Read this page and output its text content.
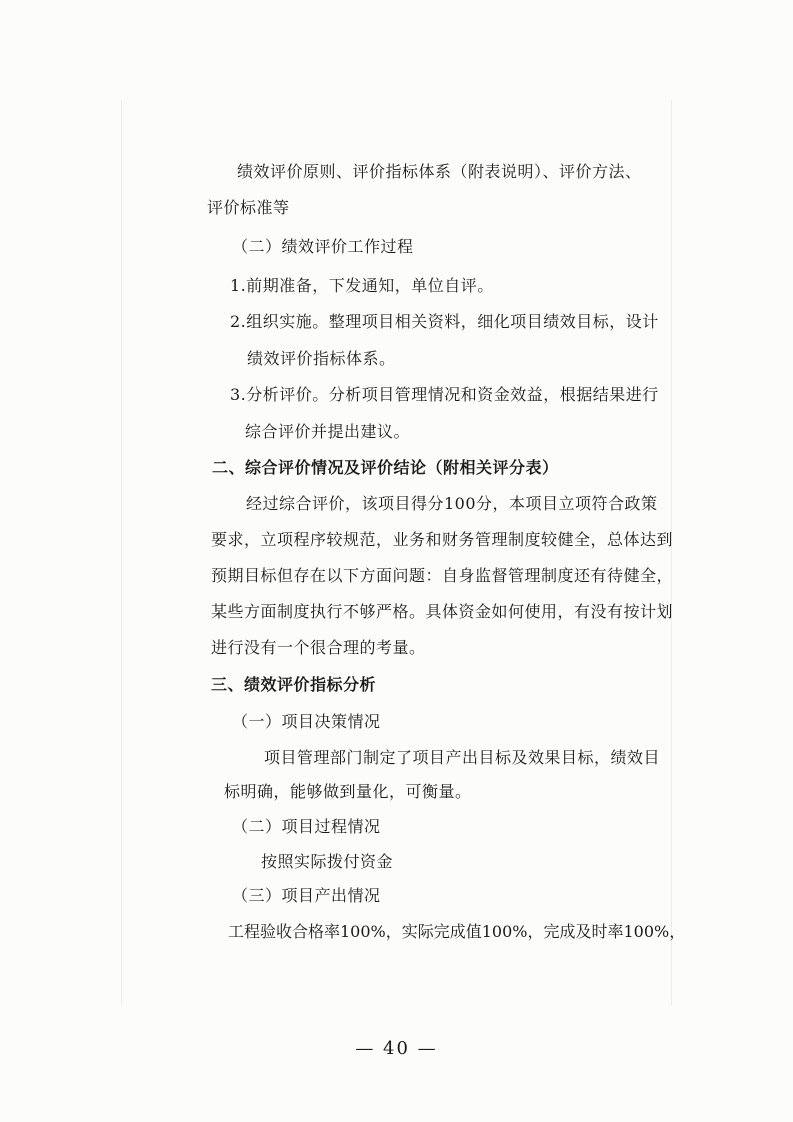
绩效评价原则、评价指标体系（附表说明）、评价方法、
评价标准等
（二）绩效评价工作过程
1.前期准备，下发通知，单位自评。
2.组织实施。整理项目相关资料，细化项目绩效目标，设计
绩效评价指标体系。
3.分析评价。分析项目管理情况和资金效益，根据结果进行
综合评价并提出建议。
二、综合评价情况及评价结论（附相关评分表）
经过综合评价，该项目得分100分，本项目立项符合政策
要求，立项程序较规范，业务和财务管理制度较健全，总体达到
预期目标但存在以下方面问题：自身监督管理制度还有待健全，
某些方面制度执行不够严格。具体资金如何使用，有没有按计划
进行没有一个很合理的考量。
三、绩效评价指标分析
（一）项目决策情况
项目管理部门制定了项目产出目标及效果目标，绩效目
标明确，能够做到量化，可衡量。
（二）项目过程情况
按照实际拨付资金
（三）项目产出情况
工程验收合格率100%，实际完成值100%，完成及时率100%，
— 40 —
